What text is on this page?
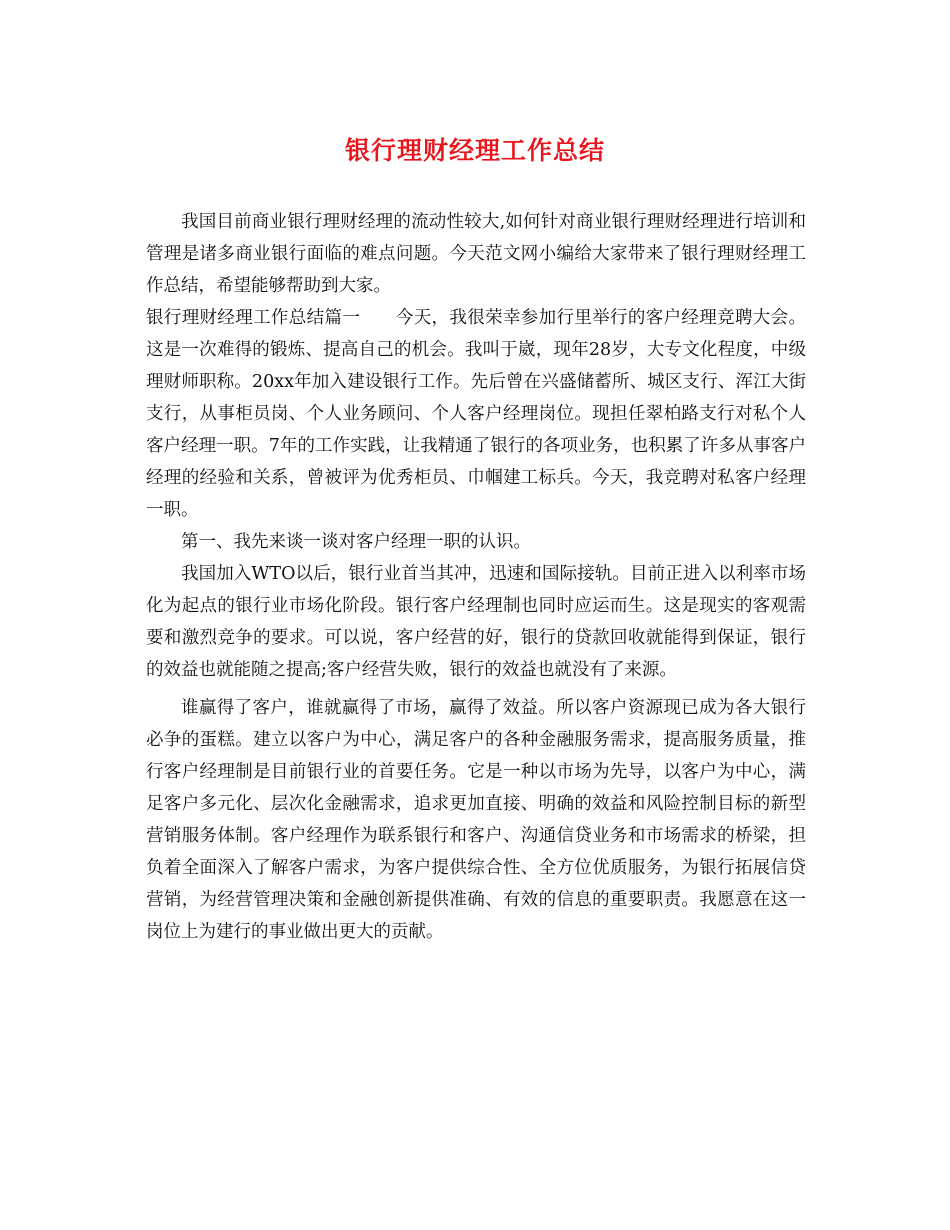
银行理财经理工作总结

我国目前商业银行理财经理的流动性较大,如何针对商业银行理财经理进行培训和管理是诸多商业银行面临的难点问题。今天范文网小编给大家带来了银行理财经理工作总结，希望能够帮助到大家。

银行理财经理工作总结篇一　　今天，我很荣幸参加行里举行的客户经理竞聘大会。这是一次难得的锻炼、提高自己的机会。我叫于崴，现年28岁，大专文化程度，中级理财师职称。20xx年加入建设银行工作。先后曾在兴盛储蓄所、城区支行、浑江大街支行，从事柜员岗、个人业务顾问、个人客户经理岗位。现担任翠柏路支行对私个人客户经理一职。7年的工作实践，让我精通了银行的各项业务，也积累了许多从事客户经理的经验和关系，曾被评为优秀柜员、巾帼建工标兵。今天，我竞聘对私客户经理一职。

第一、我先来谈一谈对客户经理一职的认识。

我国加入WTO以后，银行业首当其冲，迅速和国际接轨。目前正进入以利率市场化为起点的银行业市场化阶段。银行客户经理制也同时应运而生。这是现实的客观需要和激烈竞争的要求。可以说，客户经营的好，银行的贷款回收就能得到保证，银行的效益也就能随之提高;客户经营失败，银行的效益也就没有了来源。

谁赢得了客户，谁就赢得了市场，赢得了效益。所以客户资源现已成为各大银行必争的蛋糕。建立以客户为中心，满足客户的各种金融服务需求，提高服务质量，推行客户经理制是目前银行业的首要任务。它是一种以市场为先导，以客户为中心，满足客户多元化、层次化金融需求，追求更加直接、明确的效益和风险控制目标的新型营销服务体制。客户经理作为联系银行和客户、沟通信贷业务和市场需求的桥梁，担负着全面深入了解客户需求，为客户提供综合性、全方位优质服务，为银行拓展信贷营销，为经营管理决策和金融创新提供准确、有效的信息的重要职责。我愿意在这一岗位上为建行的事业做出更大的贡献。
